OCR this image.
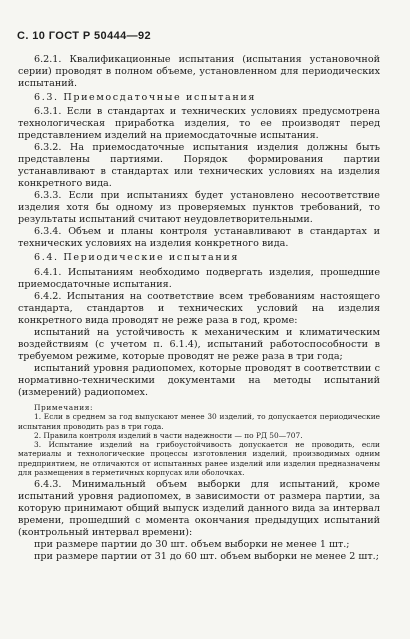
С. 10 ГОСТ Р 50444—92

6.2.1. Квалификационные испытания (испытания установочной серии) проводят в полном объеме, установленном для периодических испытаний.

6.3. Приемосдаточные испытания

6.3.1. Если в стандартах и технических условиях предусмотрена технологическая приработка изделия, то ее производят перед представлением изделий на приемосдаточные испытания.

6.3.2. На приемосдаточные испытания изделия должны быть представлены партиями. Порядок формирования партии устанавливают в стандартах или технических условиях на изделия конкретного вида.

6.3.3. Если при испытаниях будет установлено несоответствие изделия хотя бы одному из проверяемых пунктов требований, то результаты испытаний считают неудовлетворительными.

6.3.4. Объем и планы контроля устанавливают в стандартах и технических условиях на изделия конкретного вида.

6.4. Периодические испытания

6.4.1. Испытаниям необходимо подвергать изделия, прошедшие приемосдаточные испытания.

6.4.2. Испытания на соответствие всем требованиям настоящего стандарта, стандартов и технических условий на изделия конкретного вида проводят не реже раза в год, кроме:

испытаний на устойчивость к механическим и климатическим воздействиям (с учетом п. 6.1.4), испытаний работоспособности в требуемом режиме, которые проводят не реже раза в три года;

испытаний уровня радиопомех, которые проводят в соответствии с нормативно-техническими документами на методы испытаний (измерений) радиопомех.

Примечания:

1. Если в среднем за год выпускают менее 30 изделий, то допускается периодические испытания проводить раз в три года.

2. Правила контроля изделий в части надежности — по РД 50—707.

3. Испытание изделий на грибоустойчивость допускается не проводить, если материалы и технологические процессы изготовления изделий, производимых одним предприятием, не отличаются от испытанных ранее изделий или изделия предназначены для размещения в герметичных корпусах или оболочках.

6.4.3. Минимальный объем выборки для испытаний, кроме испытаний уровня радиопомех, в зависимости от размера партии, за которую принимают общий выпуск изделий данного вида за интервал времени, прошедший с момента окончания предыдущих испытаний (контрольный интервал времени):

при размере партии до 30 шт. объем выборки не менее 1 шт.;

при размере партии от 31 до 60 шт. объем выборки не менее 2 шт.;
